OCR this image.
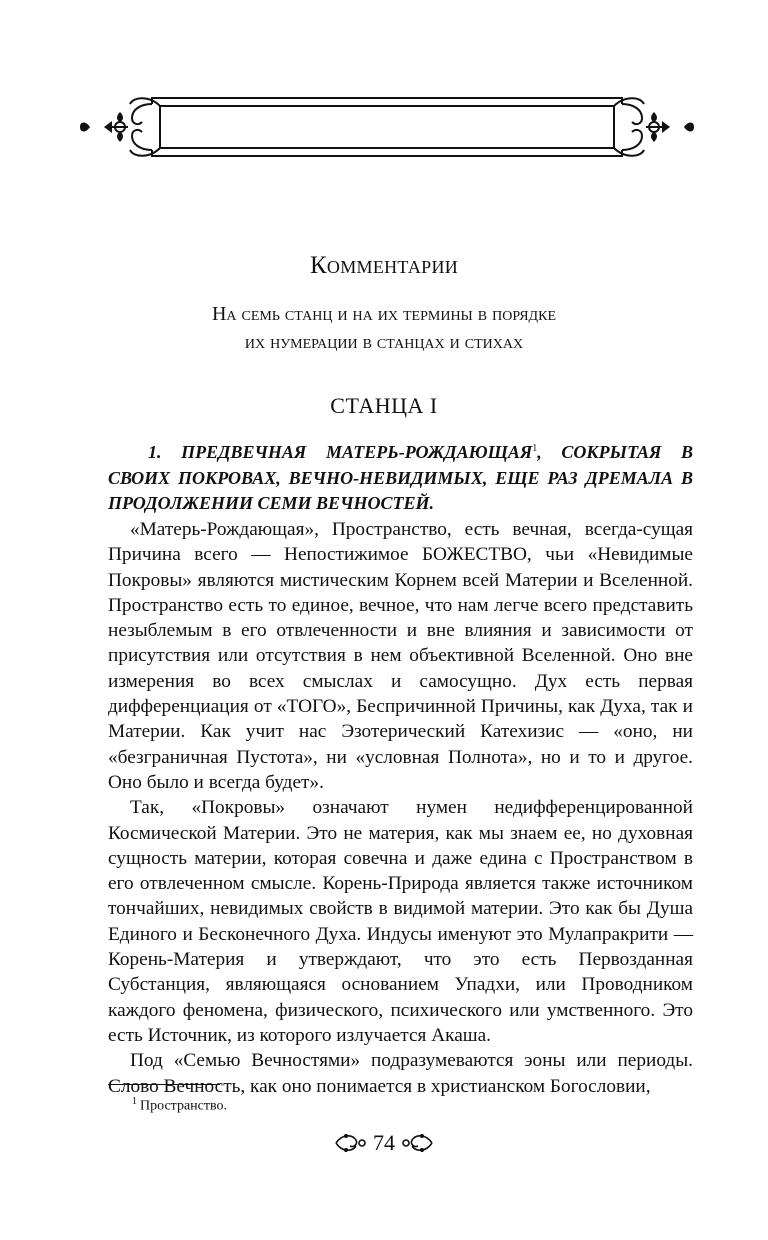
Комментарии
На семь станц и на их термины в порядке
их нумерации в станцах и стихах
СТАНЦА I
1. ПРЕДВЕЧНАЯ МАТЕРЬ-РОЖДАЮЩАЯ$^1$, СОКРЫТАЯ В СВОИХ ПОКРОВАХ, ВЕЧНО-НЕВИДИМЫХ, ЕЩЕ РАЗ ДРЕМАЛА В ПРОДОЛЖЕНИИ СЕМИ ВЕЧНОСТЕЙ.

«Матерь-Рождающая», Пространство, есть вечная, всегда-сущая Причина всего — Непостижимое БОЖЕСТВО, чьи «Невидимые Покровы» являются мистическим Корнем всей Материи и Вселенной. Пространство есть то единое, вечное, что нам легче всего представить незыблемым в его отвлеченности и вне влияния и зависимости от присутствия или отсутствия в нем объективной Вселенной. Оно вне измерения во всех смыслах и самосущно. Дух есть первая дифференциация от «ТОГО», Беспричинной Причины, как Духа, так и Материи. Как учит нас Эзотерический Катехизис — «оно, ни «безграничная Пустота», ни «условная Полнота», но и то и другое. Оно было и всегда будет».

Так, «Покровы» означают нумен недифференцированной Космической Материи. Это не материя, как мы знаем ее, но духовная сущность материи, которая совечна и даже едина с Пространством в его отвлеченном смысле. Корень-Природа является также источником тончайших, невидимых свойств в видимой материи. Это как бы Душа Единого и Бесконечного Духа. Индусы именуют это Мулапракрити — Корень-Материя и утверждают, что это есть Первозданная Субстанция, являющаяся основанием Упадхи, или Проводником каждого феномена, физического, психического или умственного. Это есть Источник, из которого излучается Акаша.

Под «Семью Вечностями» подразумеваются эоны или периоды. Слово Вечность, как оно понимается в христианском Богословии,

$^1$ Пространство.
74
